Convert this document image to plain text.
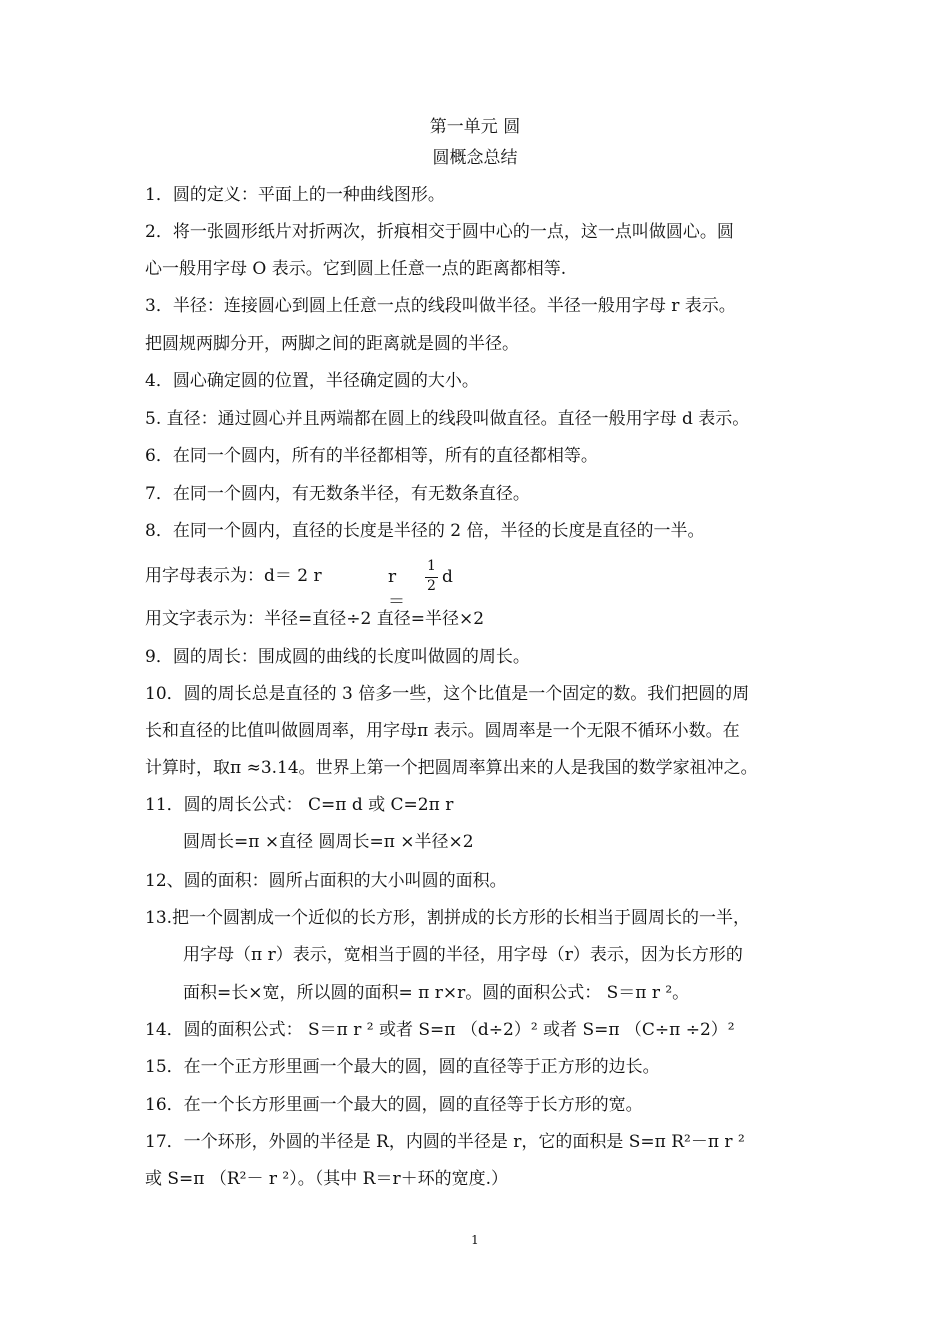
第一单元 圆
圆概念总结
1．圆的定义：平面上的一种曲线图形。
2．将一张圆形纸片对折两次，折痕相交于圆中心的一点，这一点叫做圆心。圆
心一般用字母 O 表示。它到圆上任意一点的距离都相等.
3．半径：连接圆心到圆上任意一点的线段叫做半径。半径一般用字母 r 表示。
把圆规两脚分开，两脚之间的距离就是圆的半径。
4．圆心确定圆的位置，半径确定圆的大小。
5. 直径：通过圆心并且两端都在圆上的线段叫做直径。直径一般用字母 d 表示。
6．在同一个圆内，所有的半径都相等，所有的直径都相等。
7．在同一个圆内，有无数条半径，有无数条直径。
8．在同一个圆内，直径的长度是半径的 2 倍，半径的长度是直径的一半。
用字母表示为：d＝ 2 r	r ＝
1
2 d
用文字表示为：半径=直径÷2 直径=半径×2
9．圆的周长：围成圆的曲线的长度叫做圆的周长。
10．圆的周长总是直径的 3 倍多一些，这个比值是一个固定的数。我们把圆的周
长和直径的比值叫做圆周率，用字母π 表示。圆周率是一个无限不循环小数。在
计算时，取π ≈3.14。世界上第一个把圆周率算出来的人是我国的数学家祖冲之。
11．圆的周长公式： C=π d 或 C=2π r
圆周长=π ×直径 圆周长=π ×半径×2
12、圆的面积：圆所占面积的大小叫圆的面积。
13.把一个圆割成一个近似的长方形，割拼成的长方形的长相当于圆周长的一半，
用字母（π r）表示，宽相当于圆的半径，用字母（r）表示，因为长方形的
面积=长×宽，所以圆的面积= π r×r。圆的面积公式： S＝π r ²。
14．圆的面积公式： S＝π r ² 或者 S=π （d÷2）² 或者 S=π （C÷π ÷2）²
15．在一个正方形里画一个最大的圆，圆的直径等于正方形的边长。
16．在一个长方形里画一个最大的圆，圆的直径等于长方形的宽。
17．一个环形，外圆的半径是 R，内圆的半径是 r，它的面积是 S=π R²－π r ²
或 S=π （R²－ r ²）。（其中 R＝r＋环的宽度.）
1
